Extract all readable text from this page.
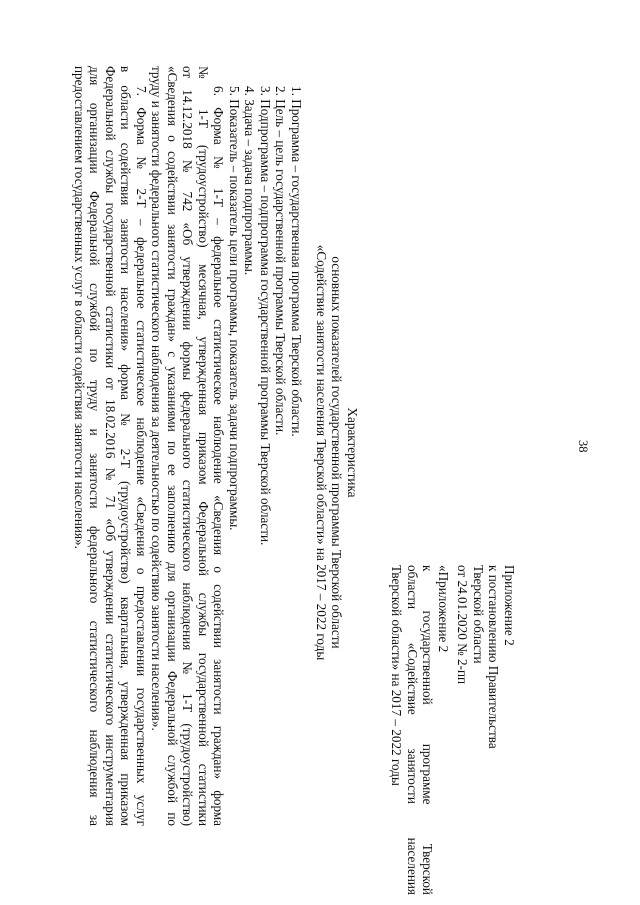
38
Приложение 2
к постановлению Правительства
Тверской области
от 24.01.2020 № 2-пп
«Приложение 2
к государственной программе Тверской
области «Содействие занятости населения
Тверской области» на 2017 – 2022 годы
Характеристика
основных показателей государственной программы Тверской области
«Содействие занятости населения Тверской области» на 2017 – 2022 годы
1. Программа – государственная программа Тверской области.
2. Цель – цель государственной программы Тверской области.
3. Подпрограмма – подпрограмма государственной программы Тверской области.
4. Задача – задача подпрограммы.
5. Показатель – показатель цели программы, показатель задачи подпрограммы.
6. Форма № 1-Т – федеральное статистическое наблюдение «Сведения о содействии занятости граждан» форма
№ 1-Т (трудоустройство) месячная, утвержденная приказом Федеральной службы государственной статистики
от 14.12.2018 № 742 «Об утверждении формы федерального статистического наблюдения № 1-Т (трудоустройство)
«Сведения о содействии занятости граждан» с указаниями по ее заполнению для организации Федеральной службой по
труду и занятости федерального статистического наблюдения за деятельностью по содействию занятости населения».
7. Форма № 2-Т – федеральное статистическое наблюдение «Сведения о предоставлении государственных услуг
в области содействия занятости населения» форма № 2-Т (трудоустройство) квартальная, утвержденная приказом
Федеральной службы государственной статистики от 18.02.2016 № 71 «Об утверждении статистического инструментария
для организации Федеральной службой по труду и занятости федерального статистического наблюдения за
предоставлением государственных услуг в области содействия занятости населения».
